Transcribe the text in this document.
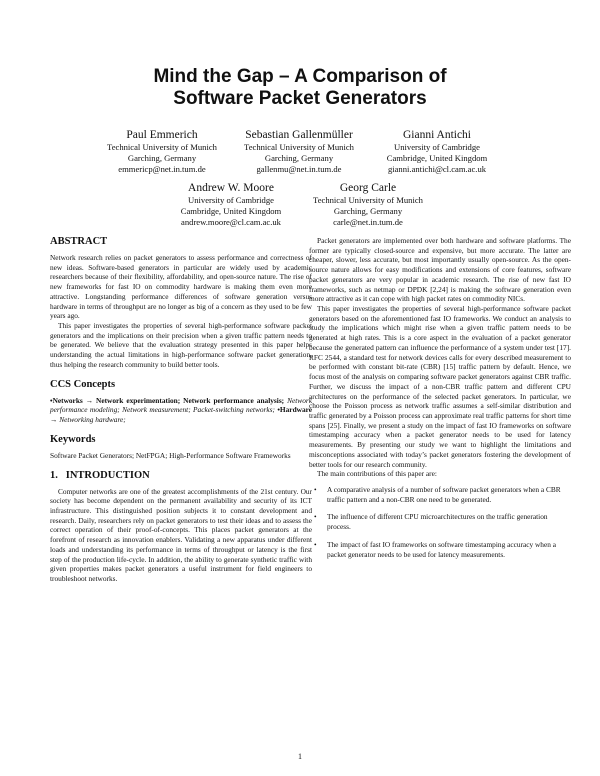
Mind the Gap – A Comparison of
Software Packet Generators
Paul Emmerich
Technical University of Munich
Garching, Germany
emmericp@net.in.tum.de
Sebastian Gallenmüller
Technical University of Munich
Garching, Germany
gallenmu@net.in.tum.de
Gianni Antichi
University of Cambridge
Cambridge, United Kingdom
gianni.antichi@cl.cam.ac.uk
Andrew W. Moore
University of Cambridge
Cambridge, United Kingdom
andrew.moore@cl.cam.ac.uk
Georg Carle
Technical University of Munich
Garching, Germany
carle@net.in.tum.de
ABSTRACT

Network research relies on packet generators to assess performance and correctness of new ideas. Software-based generators in particular are widely used by academic researchers because of their flexibility, affordability, and open-source nature. The rise of new frameworks for fast IO on commodity hardware is making them even more attractive. Longstanding performance differences of software generation versus hardware in terms of throughput are no longer as big of a concern as they used to be few years ago.

This paper investigates the properties of several high-performance software packet generators and the implications on their precision when a given traffic pattern needs to be generated. We believe that the evaluation strategy presented in this paper helps understanding the actual limitations in high-performance software packet generation, thus helping the research community to build better tools.

CCS Concepts

•Networks → Network experimentation; Network performance analysis; Network performance modeling; Network measurement; Packet-switching networks; •Hardware → Networking hardware;

Keywords

Software Packet Generators; NetFPGA; High-Performance Software Frameworks

1.   INTRODUCTION

Computer networks are one of the greatest accomplishments of the 21st century. Our society has become dependent on the permanent availability and security of its ICT infrastructure. This distinguished position subjects it to constant development and research. Daily, researchers rely on packet generators to test their ideas and to assess the correct operation of their proof-of-concepts. This places packet generators at the forefront of research as innovation enablers. Validating a new apparatus under different loads and understanding its performance in terms of throughput or latency is the first step of the production life-cycle. In addition, the ability to generate synthetic traffic with given properties makes packet generators a useful instrument for field engineers to troubleshoot networks.

Packet generators are implemented over both hardware and software platforms. The former are typically closed-source and expensive, but more accurate. The latter are cheaper, slower, less accurate, but most importantly usually open-source. As the open-source nature allows for easy modifications and extensions of core features, software packet generators are very popular in academic research. The rise of new fast IO frameworks, such as netmap or DPDK [2,24] is making the software generation even more attractive as it can cope with high packet rates on commodity NICs.

This paper investigates the properties of several high-performance software packet generators based on the aforementioned fast IO frameworks. We conduct an analysis to study the implications which might rise when a given traffic pattern needs to be generated at high rates. This is a core aspect in the evaluation of a packet generator because the generated pattern can influence the performance of a system under test [17]. RFC 2544, a standard test for network devices calls for every described measurement to be performed with constant bit-rate (CBR) [15] traffic pattern by default. Hence, we focus most of the analysis on comparing software packet generators against CBR traffic. Further, we discuss the impact of a non-CBR traffic pattern and different CPU architectures on the performance of the selected packet generators. In particular, we choose the Poisson process as network traffic assumes a self-similar distribution and traffic generated by a Poisson process can approximate real traffic patterns for short time spans [25]. Finally, we present a study on the impact of fast IO frameworks on software timestamping accuracy when a packet generator needs to be used for latency measurements. By presenting our study we want to highlight the limitations and misconceptions associated with today’s packet generators fostering the development of better tools for our research community.

The main contributions of this paper are:

• A comparative analysis of a number of software packet generators when a CBR traffic pattern and a non-CBR one need to be generated.
• The influence of different CPU microarchitectures on the traffic generation process.
• The impact of fast IO frameworks on software timestamping accuracy when a packet generator needs to be used for latency measurements.
1
